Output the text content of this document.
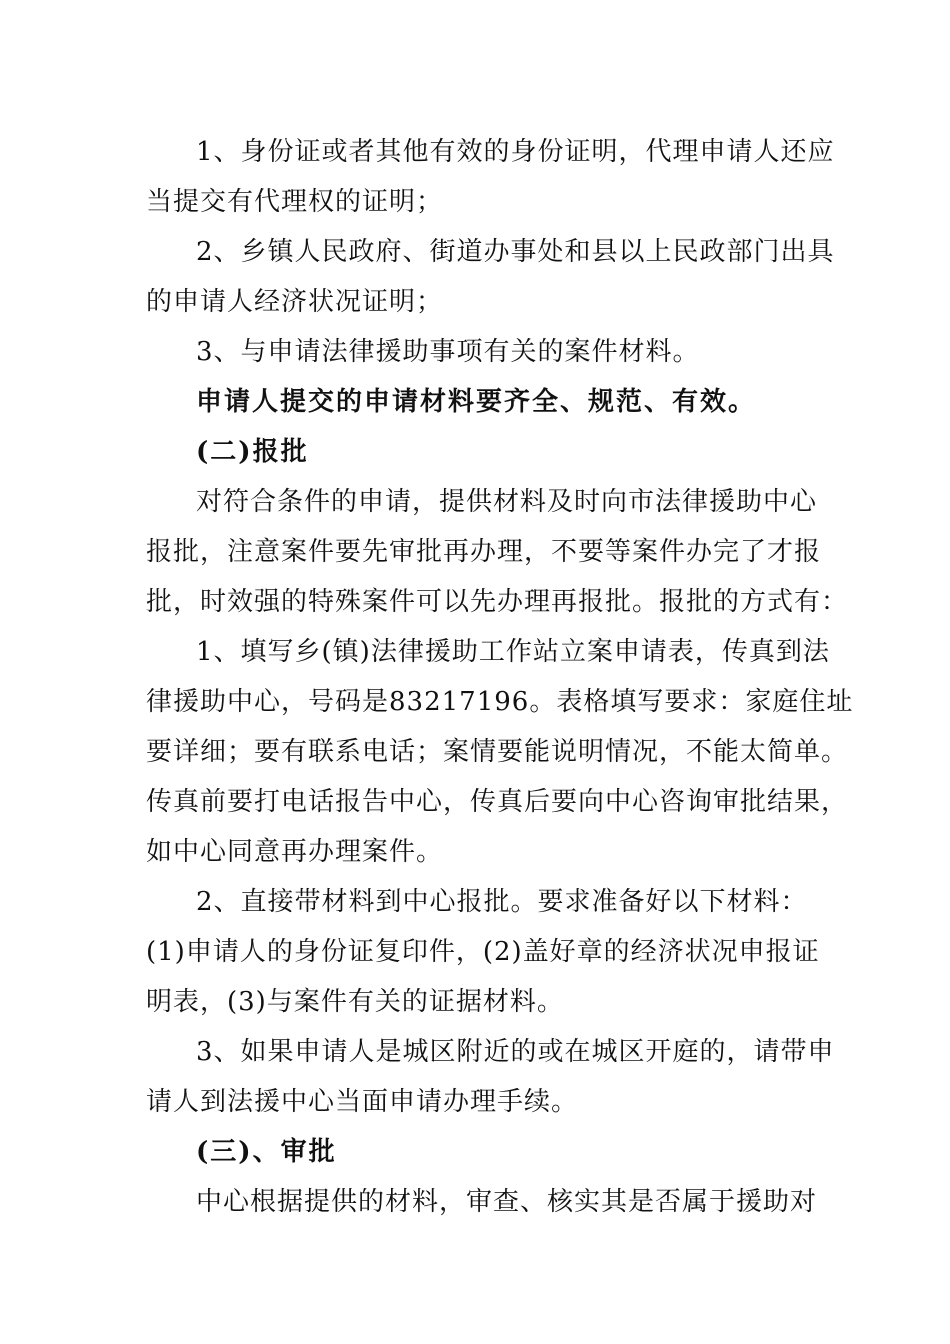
1、身份证或者其他有效的身份证明，代理申请人还应
当提交有代理权的证明；
2、乡镇人民政府、街道办事处和县以上民政部门出具
的申请人经济状况证明；
3、与申请法律援助事项有关的案件材料。
申请人提交的申请材料要齐全、规范、有效。
(二)报批
对符合条件的申请，提供材料及时向市法律援助中心
报批，注意案件要先审批再办理，不要等案件办完了才报
批，时效强的特殊案件可以先办理再报批。报批的方式有：
1、填写乡(镇)法律援助工作站立案申请表，传真到法
律援助中心，号码是83217196。表格填写要求：家庭住址
要详细；要有联系电话；案情要能说明情况，不能太简单。
传真前要打电话报告中心，传真后要向中心咨询审批结果，
如中心同意再办理案件。
2、直接带材料到中心报批。要求准备好以下材料：
(1)申请人的身份证复印件，(2)盖好章的经济状况申报证
明表，(3)与案件有关的证据材料。
3、如果申请人是城区附近的或在城区开庭的，请带申
请人到法援中心当面申请办理手续。
(三)、审批
中心根据提供的材料，审查、核实其是否属于援助对
